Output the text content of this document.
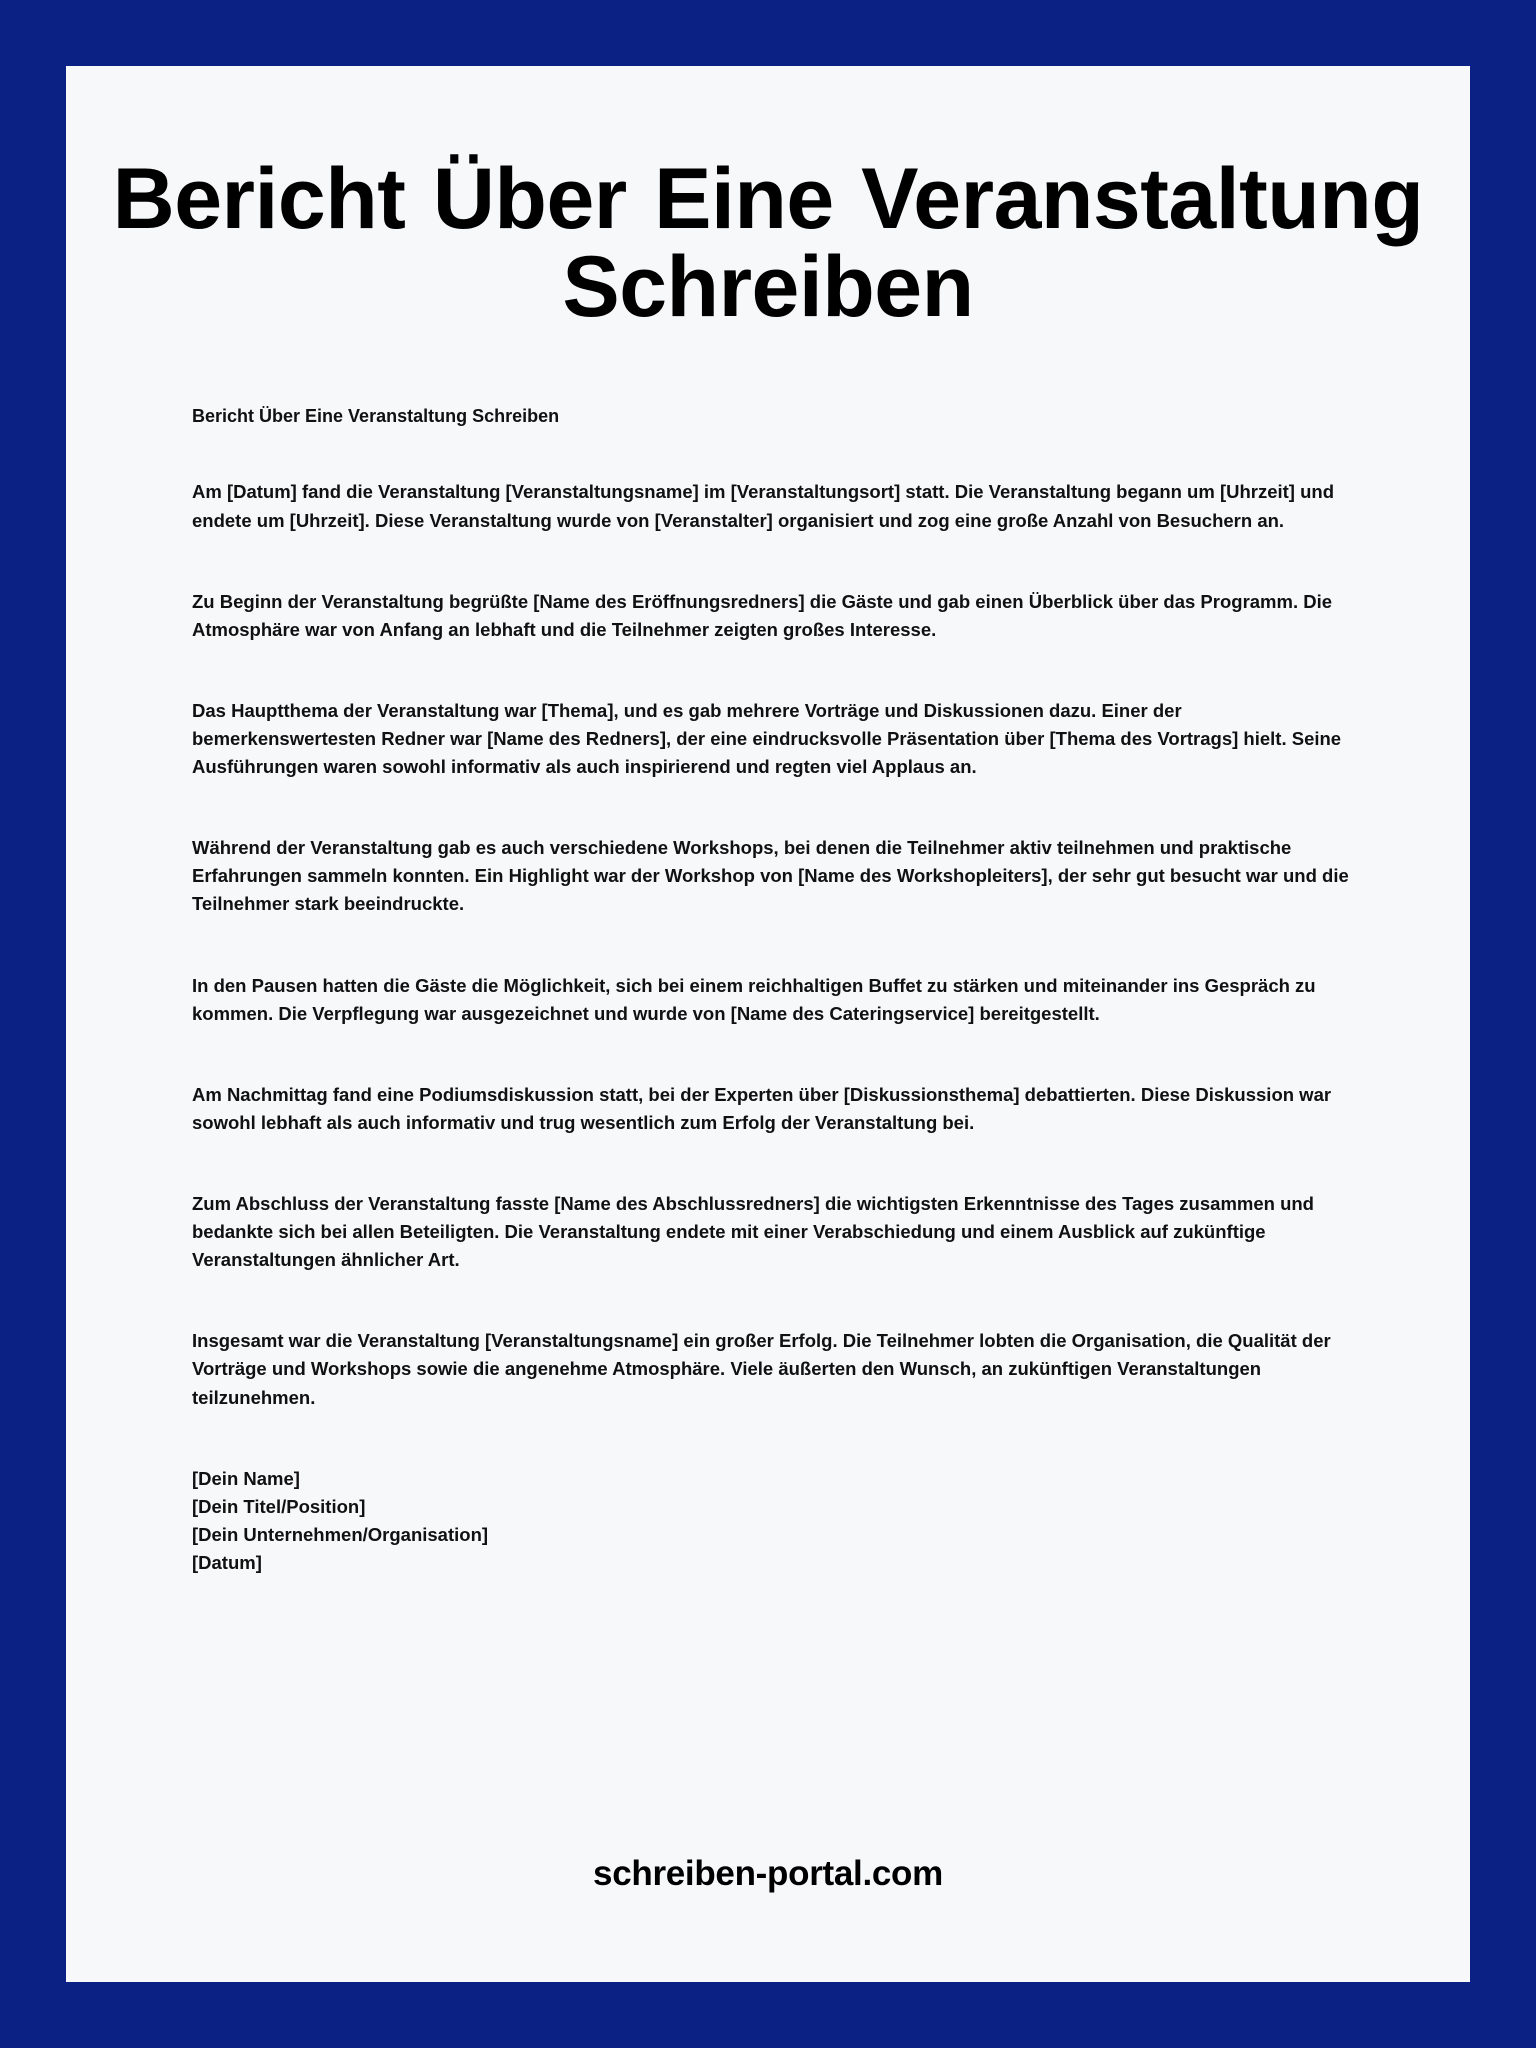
Bericht Über Eine Veranstaltung Schreiben

Bericht Über Eine Veranstaltung Schreiben

Am [Datum] fand die Veranstaltung [Veranstaltungsname] im [Veranstaltungsort] statt. Die Veranstaltung begann um [Uhrzeit] und endete um [Uhrzeit]. Diese Veranstaltung wurde von [Veranstalter] organisiert und zog eine große Anzahl von Besuchern an.

Zu Beginn der Veranstaltung begrüßte [Name des Eröffnungsredners] die Gäste und gab einen Überblick über das Programm. Die Atmosphäre war von Anfang an lebhaft und die Teilnehmer zeigten großes Interesse.

Das Hauptthema der Veranstaltung war [Thema], und es gab mehrere Vorträge und Diskussionen dazu. Einer der bemerkenswertesten Redner war [Name des Redners], der eine eindrucksvolle Präsentation über [Thema des Vortrags] hielt. Seine Ausführungen waren sowohl informativ als auch inspirierend und regten viel Applaus an.

Während der Veranstaltung gab es auch verschiedene Workshops, bei denen die Teilnehmer aktiv teilnehmen und praktische Erfahrungen sammeln konnten. Ein Highlight war der Workshop von [Name des Workshopleiters], der sehr gut besucht war und die Teilnehmer stark beeindruckte.

In den Pausen hatten die Gäste die Möglichkeit, sich bei einem reichhaltigen Buffet zu stärken und miteinander ins Gespräch zu kommen. Die Verpflegung war ausgezeichnet und wurde von [Name des Cateringservice] bereitgestellt.

Am Nachmittag fand eine Podiumsdiskussion statt, bei der Experten über [Diskussionsthema] debattierten. Diese Diskussion war sowohl lebhaft als auch informativ und trug wesentlich zum Erfolg der Veranstaltung bei.

Zum Abschluss der Veranstaltung fasste [Name des Abschlussredners] die wichtigsten Erkenntnisse des Tages zusammen und bedankte sich bei allen Beteiligten. Die Veranstaltung endete mit einer Verabschiedung und einem Ausblick auf zukünftige Veranstaltungen ähnlicher Art.

Insgesamt war die Veranstaltung [Veranstaltungsname] ein großer Erfolg. Die Teilnehmer lobten die Organisation, die Qualität der Vorträge und Workshops sowie die angenehme Atmosphäre. Viele äußerten den Wunsch, an zukünftigen Veranstaltungen teilzunehmen.

[Dein Name]
[Dein Titel/Position]
[Dein Unternehmen/Organisation]
[Datum]
schreiben-portal.com
